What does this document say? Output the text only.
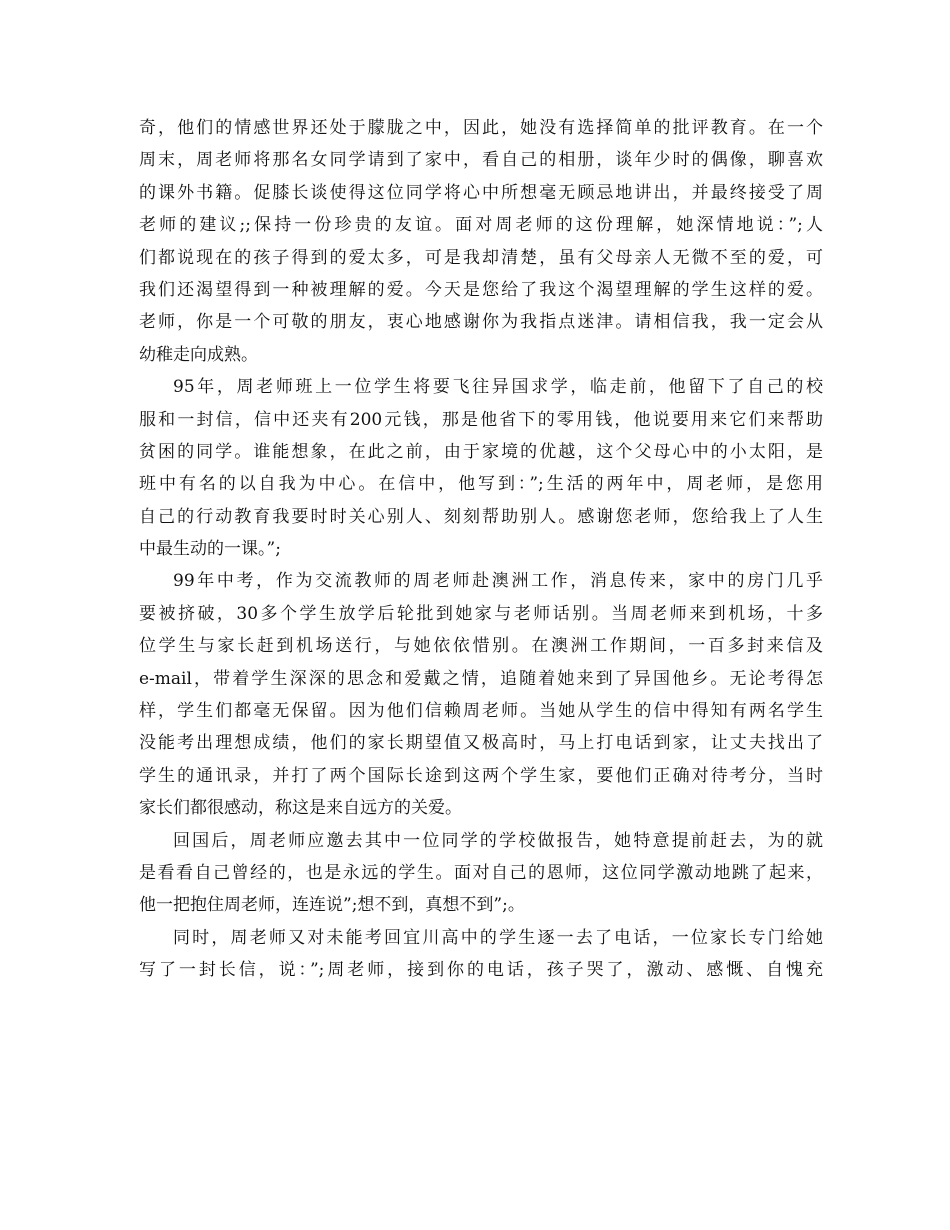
奇，他们的情感世界还处于朦胧之中，因此，她没有选择简单的批评教育。在一个
周末，周老师将那名女同学请到了家中，看自己的相册，谈年少时的偶像，聊喜欢
的课外书籍。促膝长谈使得这位同学将心中所想毫无顾忌地讲出，并最终接受了周
老师的建议;;保持一份珍贵的友谊。面对周老师的这份理解，她深情地说：”;人
们都说现在的孩子得到的爱太多，可是我却清楚，虽有父母亲人无微不至的爱，可
我们还渴望得到一种被理解的爱。今天是您给了我这个渴望理解的学生这样的爱。
老师，你是一个可敬的朋友，衷心地感谢你为我指点迷津。请相信我，我一定会从
幼稚走向成熟。
95年，周老师班上一位学生将要飞往异国求学，临走前，他留下了自己的校
服和一封信，信中还夹有200元钱，那是他省下的零用钱，他说要用来它们来帮助
贫困的同学。谁能想象，在此之前，由于家境的优越，这个父母心中的小太阳，是
班中有名的以自我为中心。在信中，他写到：”;生活的两年中，周老师，是您用
自己的行动教育我要时时关心别人、刻刻帮助别人。感谢您老师，您给我上了人生
中最生动的一课。”;
99年中考，作为交流教师的周老师赴澳洲工作，消息传来，家中的房门几乎
要被挤破，30多个学生放学后轮批到她家与老师话别。当周老师来到机场，十多
位学生与家长赶到机场送行，与她依依惜别。在澳洲工作期间，一百多封来信及
e-mail，带着学生深深的思念和爱戴之情，追随着她来到了异国他乡。无论考得怎
样，学生们都毫无保留。因为他们信赖周老师。当她从学生的信中得知有两名学生
没能考出理想成绩，他们的家长期望值又极高时，马上打电话到家，让丈夫找出了
学生的通讯录，并打了两个国际长途到这两个学生家，要他们正确对待考分，当时
家长们都很感动，称这是来自远方的关爱。
回国后，周老师应邀去其中一位同学的学校做报告，她特意提前赶去，为的就
是看看自己曾经的，也是永远的学生。面对自己的恩师，这位同学激动地跳了起来，
他一把抱住周老师，连连说”;想不到，真想不到”;。
同时，周老师又对未能考回宜川高中的学生逐一去了电话，一位家长专门给她
写了一封长信，说：”;周老师，接到你的电话，孩子哭了，激动、感慨、自愧充
